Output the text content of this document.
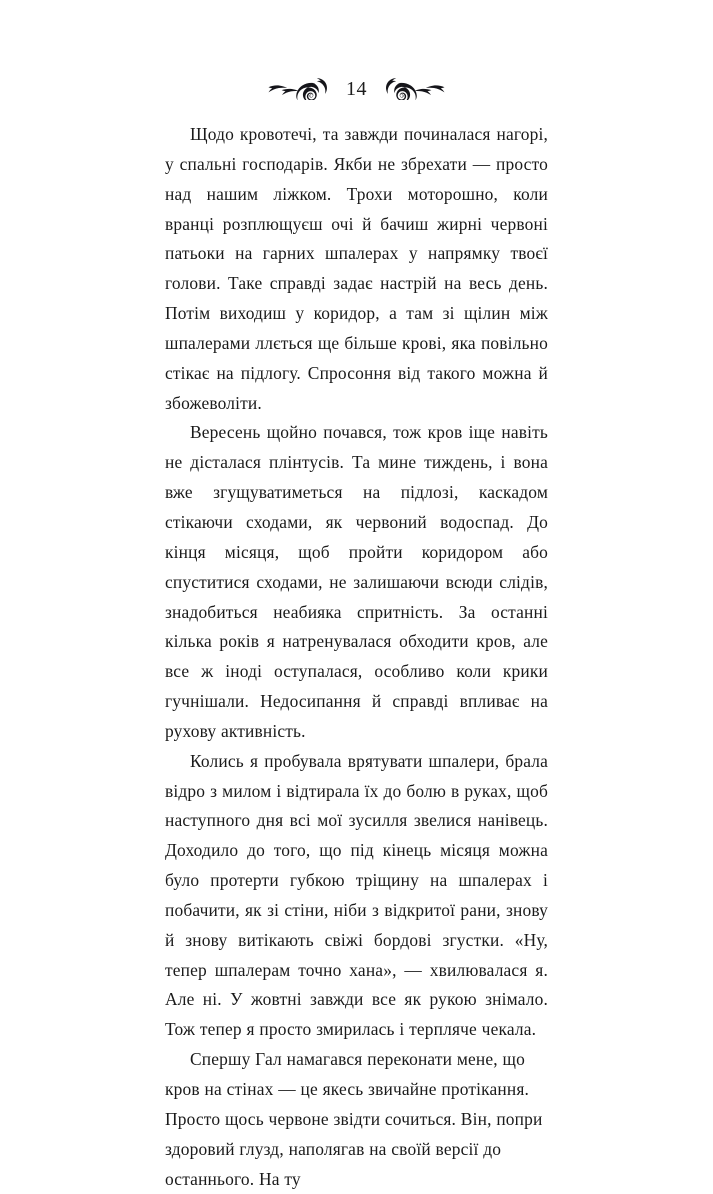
14

Щодо кровотечі, та завжди починалася нагорі, у спальні господарів. Якби не збрехати — просто над нашим ліжком. Трохи моторошно, коли вранці розплющуєш очі й бачиш жирні червоні патьоки на гарних шпалерах у напрямку твоєї голови. Таке справді задає настрій на весь день. Потім виходиш у коридор, а там зі щілин між шпалерами ллється ще більше крові, яка повільно стікає на підлогу. Спросоння від такого можна й збожеволіти.

Вересень щойно почався, тож кров іще навіть не дісталася плінтусів. Та мине тиждень, і вона вже згущуватиметься на підлозі, каскадом стікаючи сходами, як червоний водоспад. До кінця місяця, щоб пройти коридором або спуститися сходами, не залишаючи всюди слідів, знадобиться неабияка спритність. За останні кілька років я натренувалася обходити кров, але все ж іноді оступалася, особливо коли крики гучнішали. Недосипання й справді впливає на рухову активність.

Колись я пробувала врятувати шпалери, брала відро з милом і відтирала їх до болю в руках, щоб наступного дня всі мої зусилля звелися нанівець. Доходило до того, що під кінець місяця можна було протерти губкою тріщину на шпалерах і побачити, як зі стіни, ніби з відкритої рани, знову й знову витікають свіжі бордові згустки. «Ну, тепер шпалерам точно хана», — хвилювалася я. Але ні. У жовтні завжди все як рукою знімало. Тож тепер я просто змирилась і терпляче чекала.

Спершу Гал намагався переконати мене, що кров на стінах — це якесь звичайне протікання. Просто щось червоне звідти сочиться. Він, попри здоровий глузд, наполягав на своїй версії до останнього. На ту
